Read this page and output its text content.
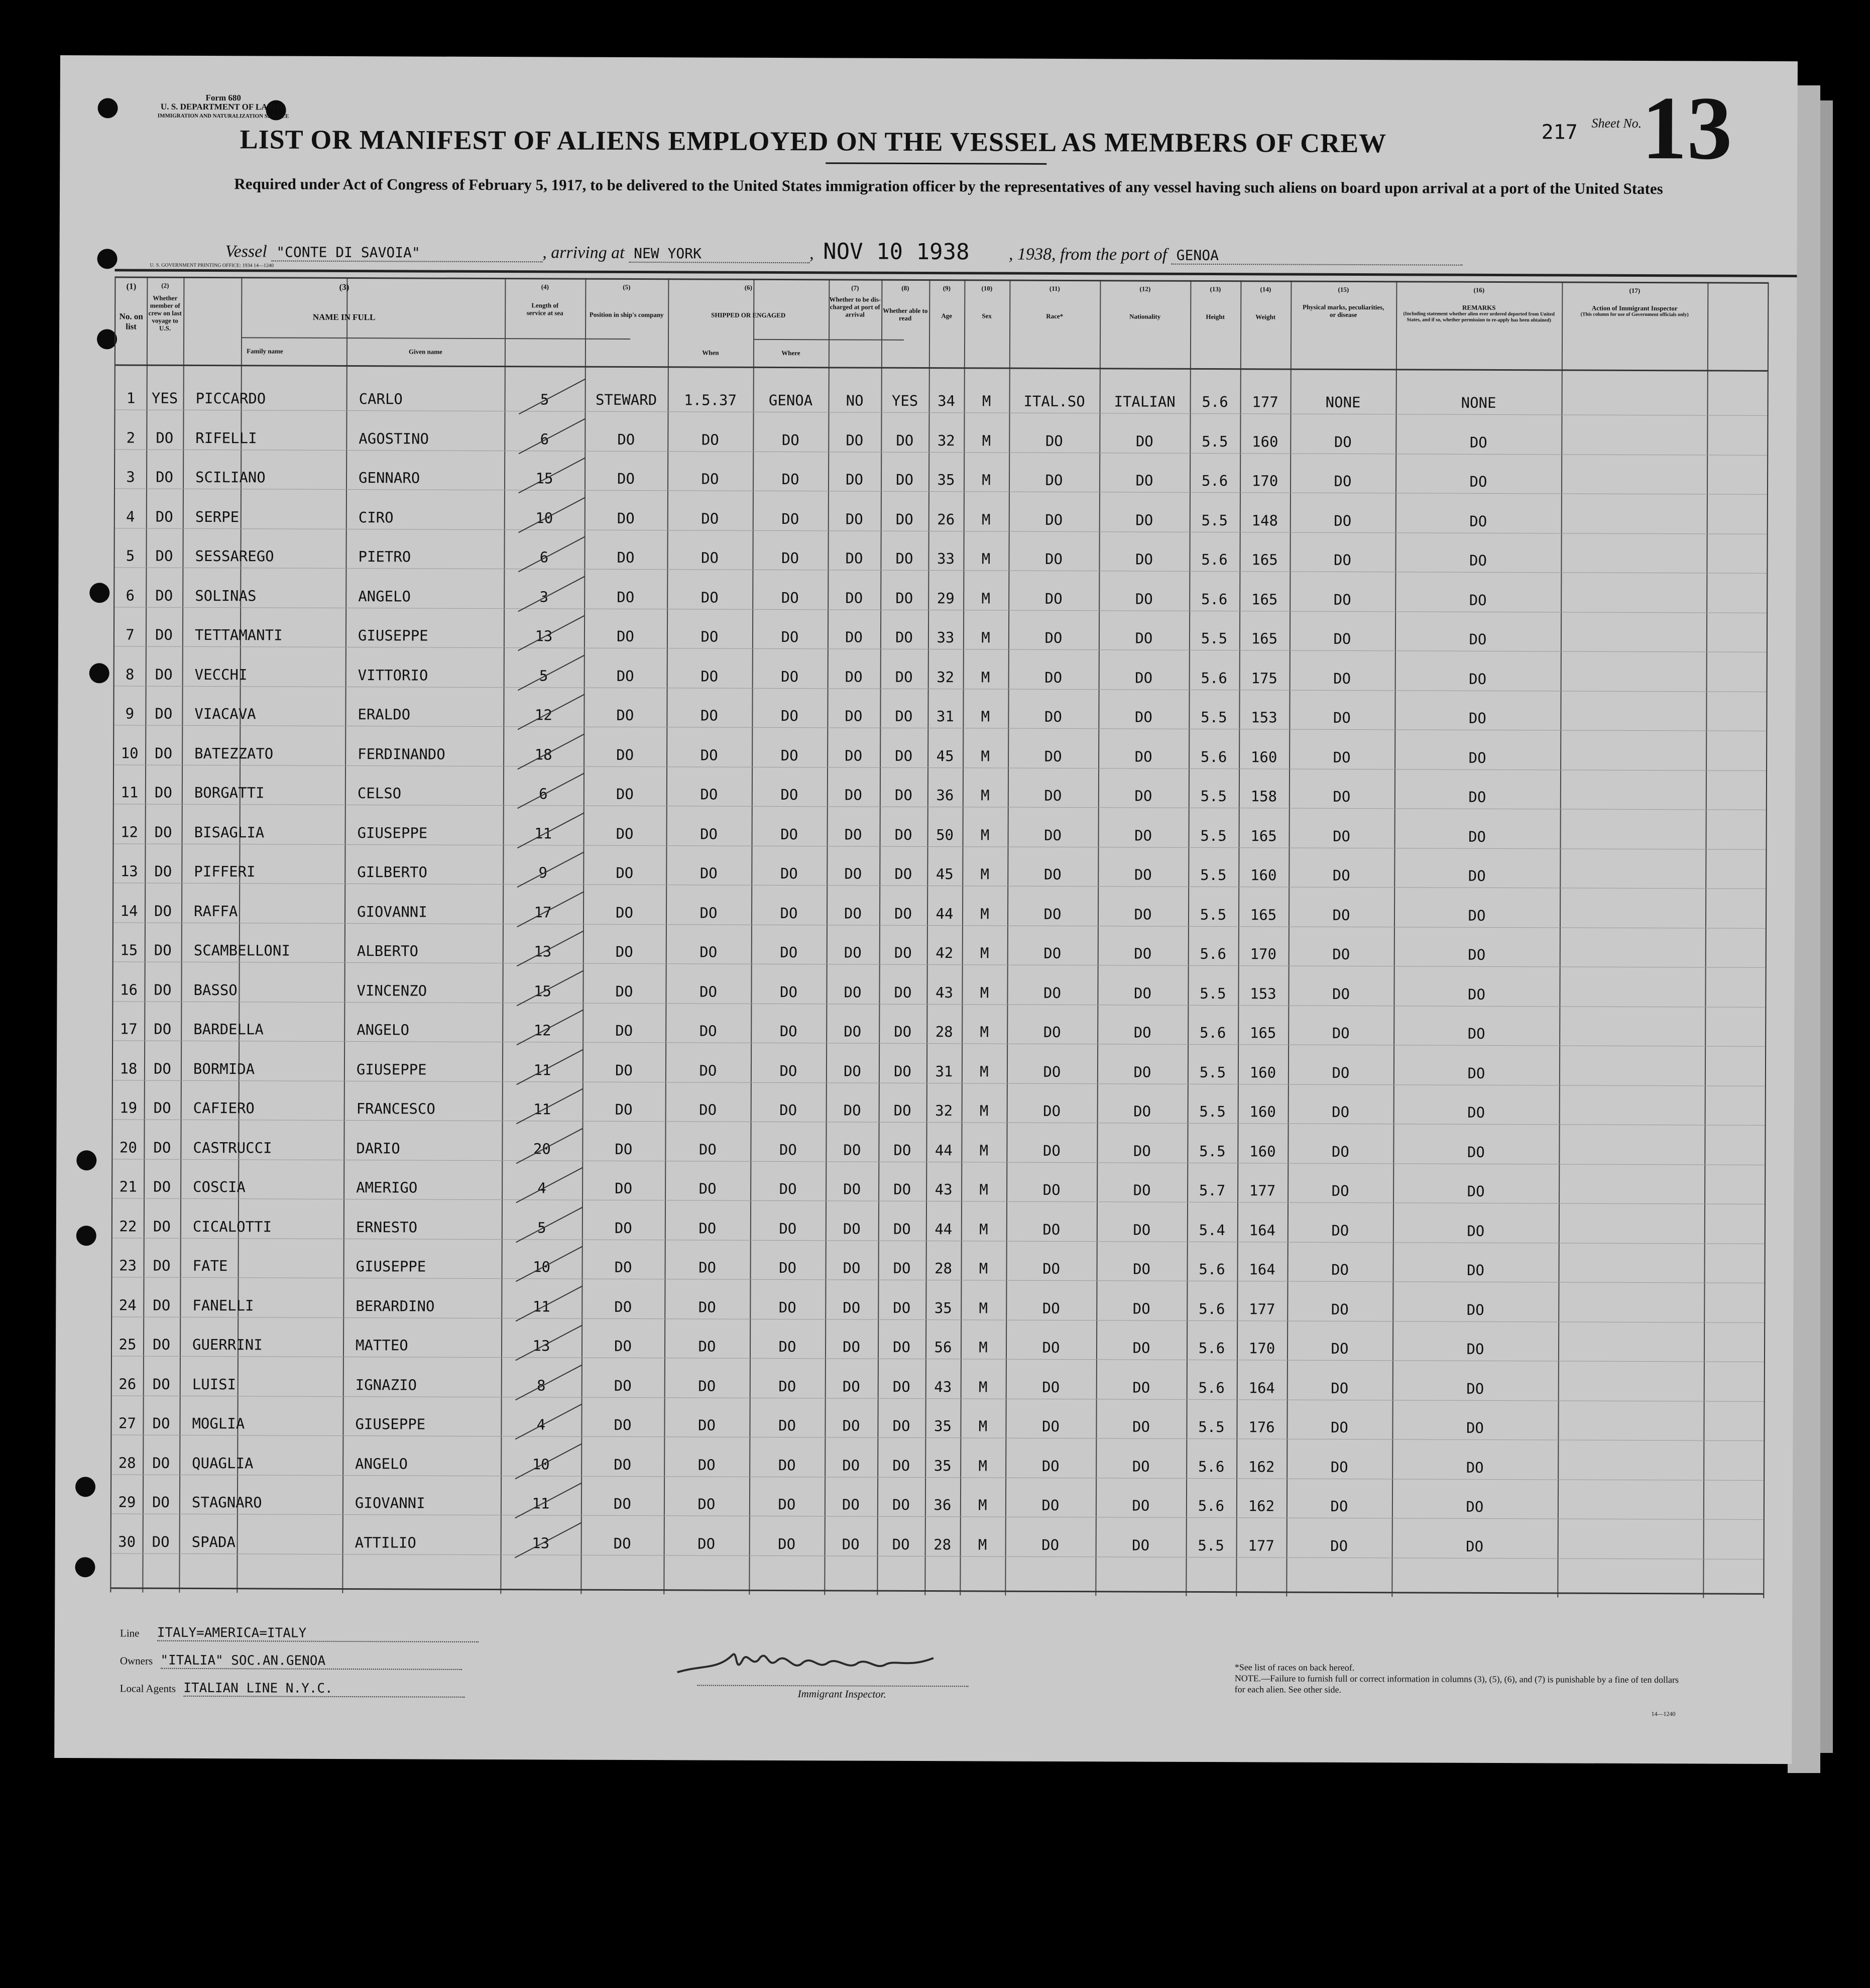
Form 680
U. S. DEPARTMENT OF LABOR
IMMIGRATION AND NATURALIZATION SERVICE
LIST OR MANIFEST OF ALIENS EMPLOYED ON THE VESSEL AS MEMBERS OF CREW	217 Sheet No. 13
Required under Act of Congress of February 5, 1917, to be delivered to the United States immigration officer by the representatives of any vessel having such aliens on board upon arrival at a port of the United States
Vessel "CONTE DI SAVOIA"	, arriving at NEW YORK	, NOV 10 1938 , 1938, from the port of GENOA
U. S. GOVERNMENT PRINTING OFFICE: 1934 14—1240
(1)
No. on list
(2)
Whether member of crew on last voyage to U.S.
(3)
NAME IN FULL
Family name	Given name
(4)
Length of service at sea
(5)
Position in ship's company
(6)
SHIPPED OR ENGAGED
When	Where
(7)
Whether to be dis-charged at port of arrival
(8)
Whether able to read
(9)
Age
(10)
Sex
(11)
Race*
(12)
Nationality
(13)
Height
(14)
Weight
(15)
Physical marks, peculiarities, or disease
(16)
REMARKS
(Including statement whether alien ever ordered deported from United States, and if so, whether permission to re-apply has been obtained)
(17)
Action of Immigrant Inspector
(This column for use of Government officials only)
1	YES	PICCARDO	CARLO	5	STEWARD	1.5.37	GENOA	NO	YES	34	M	ITAL.SO	ITALIAN	5.6	177	NONE	NONE
2	DO	RIFELLI	AGOSTINO	6	DO	DO	DO	DO	DO	32	M	DO	DO	5.5	160	DO	DO
3	DO	SCILIANO	GENNARO	15	DO	DO	DO	DO	DO	35	M	DO	DO	5.6	170	DO	DO
4	DO	SERPE	CIRO	10	DO	DO	DO	DO	DO	26	M	DO	DO	5.5	148	DO	DO
5	DO	SESSAREGO	PIETRO	6	DO	DO	DO	DO	DO	33	M	DO	DO	5.6	165	DO	DO
6	DO	SOLINAS	ANGELO	3	DO	DO	DO	DO	DO	29	M	DO	DO	5.6	165	DO	DO
7	DO	TETTAMANTI	GIUSEPPE	13	DO	DO	DO	DO	DO	33	M	DO	DO	5.5	165	DO	DO
8	DO	VECCHI	VITTORIO	5	DO	DO	DO	DO	DO	32	M	DO	DO	5.6	175	DO	DO
9	DO	VIACAVA	ERALDO	12	DO	DO	DO	DO	DO	31	M	DO	DO	5.5	153	DO	DO
10	DO	BATEZZATO	FERDINANDO	18	DO	DO	DO	DO	DO	45	M	DO	DO	5.6	160	DO	DO
11	DO	BORGATTI	CELSO	6	DO	DO	DO	DO	DO	36	M	DO	DO	5.5	158	DO	DO
12	DO	BISAGLIA	GIUSEPPE	11	DO	DO	DO	DO	DO	50	M	DO	DO	5.5	165	DO	DO
13	DO	PIFFERI	GILBERTO	9	DO	DO	DO	DO	DO	45	M	DO	DO	5.5	160	DO	DO
14	DO	RAFFA	GIOVANNI	17	DO	DO	DO	DO	DO	44	M	DO	DO	5.5	165	DO	DO
15	DO	SCAMBELLONI	ALBERTO	13	DO	DO	DO	DO	DO	42	M	DO	DO	5.6	170	DO	DO
16	DO	BASSO	VINCENZO	15	DO	DO	DO	DO	DO	43	M	DO	DO	5.5	153	DO	DO
17	DO	BARDELLA	ANGELO	12	DO	DO	DO	DO	DO	28	M	DO	DO	5.6	165	DO	DO
18	DO	BORMIDA	GIUSEPPE	11	DO	DO	DO	DO	DO	31	M	DO	DO	5.5	160	DO	DO
19	DO	CAFIERO	FRANCESCO	11	DO	DO	DO	DO	DO	32	M	DO	DO	5.5	160	DO	DO
20	DO	CASTRUCCI	DARIO	20	DO	DO	DO	DO	DO	44	M	DO	DO	5.5	160	DO	DO
21	DO	COSCIA	AMERIGO	4	DO	DO	DO	DO	DO	43	M	DO	DO	5.7	177	DO	DO
22	DO	CICALOTTI	ERNESTO	5	DO	DO	DO	DO	DO	44	M	DO	DO	5.4	164	DO	DO
23	DO	FATE	GIUSEPPE	10	DO	DO	DO	DO	DO	28	M	DO	DO	5.6	164	DO	DO
24	DO	FANELLI	BERARDINO	11	DO	DO	DO	DO	DO	35	M	DO	DO	5.6	177	DO	DO
25	DO	GUERRINI	MATTEO	13	DO	DO	DO	DO	DO	56	M	DO	DO	5.6	170	DO	DO
26	DO	LUISI	IGNAZIO	8	DO	DO	DO	DO	DO	43	M	DO	DO	5.6	164	DO	DO
27	DO	MOGLIA	GIUSEPPE	4	DO	DO	DO	DO	DO	35	M	DO	DO	5.5	176	DO	DO
28	DO	QUAGLIA	ANGELO	10	DO	DO	DO	DO	DO	35	M	DO	DO	5.6	162	DO	DO
29	DO	STAGNARO	GIOVANNI	11	DO	DO	DO	DO	DO	36	M	DO	DO	5.6	162	DO	DO
30	DO	SPADA	ATTILIO	13	DO	DO	DO	DO	DO	28	M	DO	DO	5.5	177	DO	DO
Line ITALY=AMERICA=ITALY
Owners "ITALIA" SOC.AN.GENOA
Local Agents ITALIAN LINE N.Y.C.	Immigrant Inspector.
*See list of races on back hereof.
NOTE.—Failure to furnish full or correct information in columns (3), (5), (6), and (7) is punishable by a fine of ten dollars for each alien. See other side.
14—1240
